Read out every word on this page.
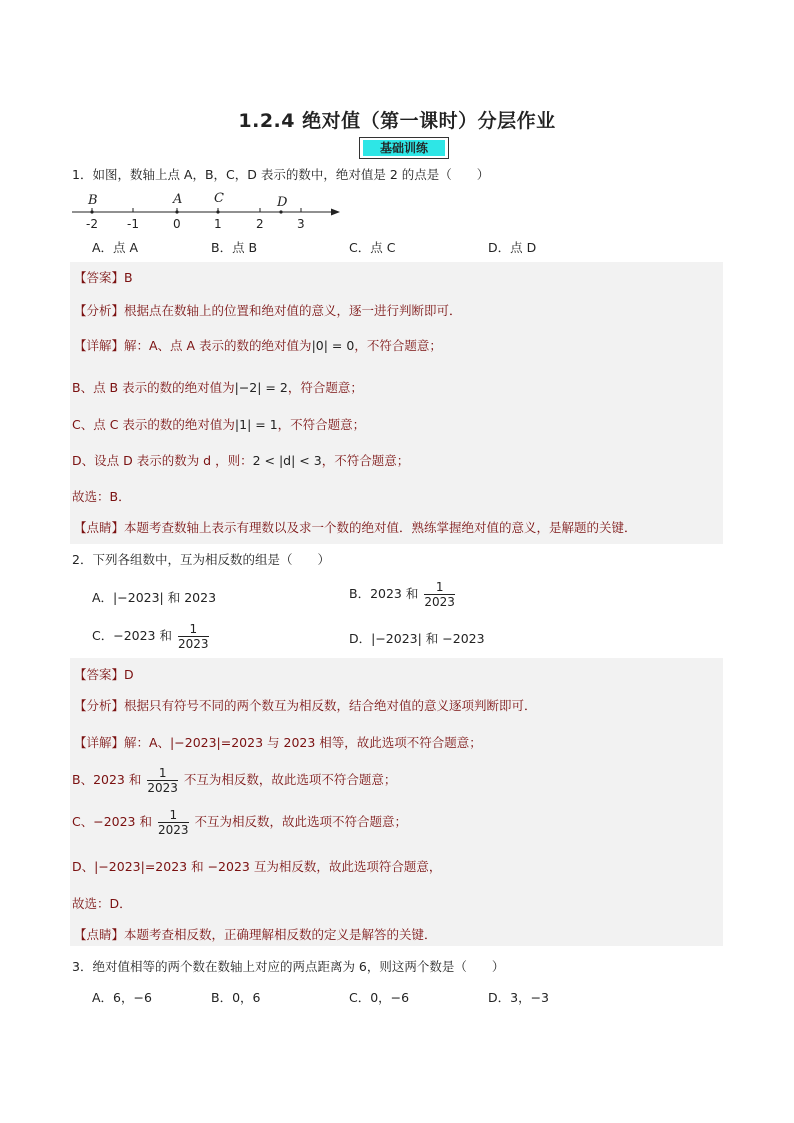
1.2.4 绝对值（第一课时）分层作业
基础训练
1．如图，数轴上点 A，B，C，D 表示的数中，绝对值是 2 的点是（　　）
-2 -1	0	1	2	3
B	A C	D
A．点 A	B．点 B	C．点 C	D．点 D
【答案】B
【分析】根据点在数轴上的位置和绝对值的意义，逐一进行判断即可．
【详解】解：A、点 A 表示的数的绝对值为|0| = 0，不符合题意；
B、点 B 表示的数的绝对值为|−2| = 2，符合题意；
C、点 C 表示的数的绝对值为|1| = 1，不符合题意；
D、设点 D 表示的数为 d ，则：2 < |d| < 3，不符合题意；
故选：B．
【点睛】本题考查数轴上表示有理数以及求一个数的绝对值．熟练掌握绝对值的意义，是解题的关键．
2．下列各组数中，互为相反数的组是（　　）
A．|−2023| 和 2023	B．2023 和 $\frac{1}{2023}$
C．−2023 和 $\frac{1}{2023}$	D．|−2023| 和 −2023
【答案】D
【分析】根据只有符号不同的两个数互为相反数，结合绝对值的意义逐项判断即可．
【详解】解：A、|−2023|=2023 与 2023 相等，故此选项不符合题意；
B、2023 和 $\frac{1}{2023}$ 不互为相反数，故此选项不符合题意；
C、−2023 和 $\frac{1}{2023}$ 不互为相反数，故此选项不符合题意；
D、|−2023|=2023 和 −2023 互为相反数，故此选项符合题意，
故选：D．
【点睛】本题考查相反数，正确理解相反数的定义是解答的关键．
3．绝对值相等的两个数在数轴上对应的两点距离为 6，则这两个数是（　　）
A．6，−6	B．0，6	C．0，−6	D．3，−3
